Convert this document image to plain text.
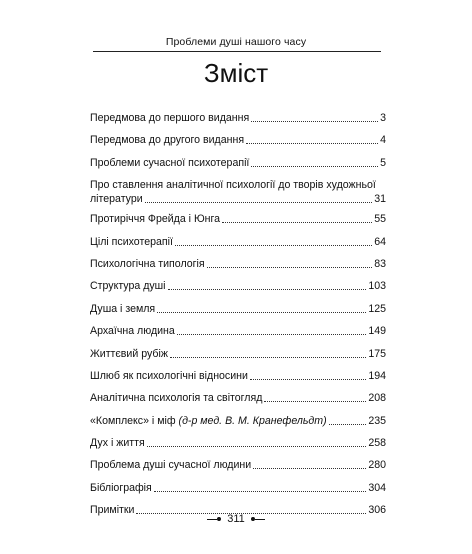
Проблеми душі нашого часу
Зміст
Передмова до першого видання	3
Передмова до другого видання	4
Проблеми сучасної психотерапії	5
Про ставлення аналітичної психології до творів художньої
літератури	31
Протиріччя Фрейда і Юнга	55
Цілі психотерапії	64
Психологічна типологія	83
Структура душі	103
Душа і земля	125
Архаїчна людина	149
Життєвий рубіж	175
Шлюб як психологічні відносини	194
Аналітична психологія та світогляд	208
«Комплекс» і міф
(д-р мед. В. М. Кранефельдт)	235
Дух і життя	258
Проблема душі сучасної людини	280
Бібліографія	304
Примітки	306
311
